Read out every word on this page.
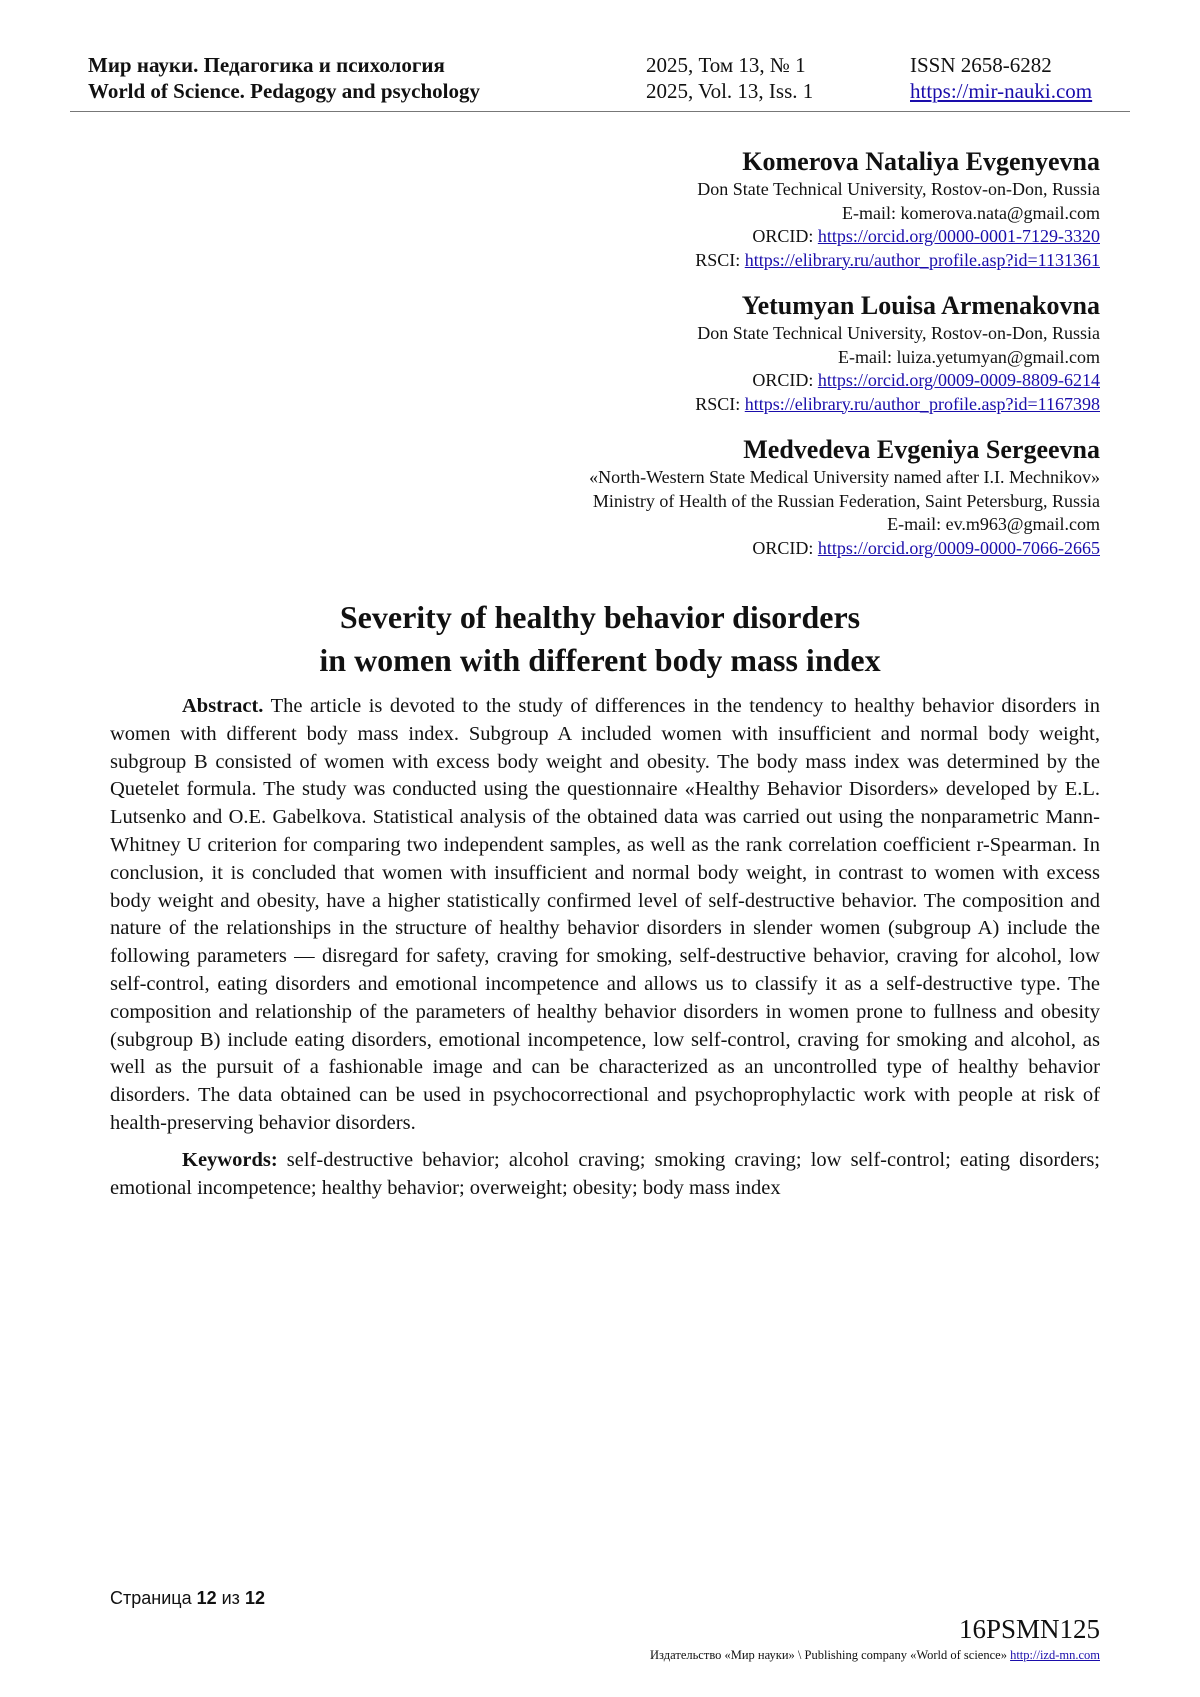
Мир науки. Педагогика и психология	2025, Том 13, № 1	ISSN 2658-6282
World of Science. Pedagogy and psychology	2025, Vol. 13, Iss. 1	https://mir-nauki.com
Komerova Nataliya Evgenyevna
Don State Technical University, Rostov-on-Don, Russia
E-mail: komerova.nata@gmail.com
ORCID: https://orcid.org/0000-0001-7129-3320
RSCI: https://elibrary.ru/author_profile.asp?id=1131361
Yetumyan Louisa Armenakovna
Don State Technical University, Rostov-on-Don, Russia
E-mail: luiza.yetumyan@gmail.com
ORCID: https://orcid.org/0009-0009-8809-6214
RSCI: https://elibrary.ru/author_profile.asp?id=1167398
Medvedeva Evgeniya Sergeevna
«North-Western State Medical University named after I.I. Mechnikov»
Ministry of Health of the Russian Federation, Saint Petersburg, Russia
E-mail: ev.m963@gmail.com
ORCID: https://orcid.org/0009-0000-7066-2665
Severity of healthy behavior disorders
in women with different body mass index

Abstract. The article is devoted to the study of differences in the tendency to healthy behavior disorders in women with different body mass index. Subgroup A included women with insufficient and normal body weight, subgroup B consisted of women with excess body weight and obesity. The body mass index was determined by the Quetelet formula. The study was conducted using the questionnaire «Healthy Behavior Disorders» developed by E.L. Lutsenko and O.E. Gabelkova. Statistical analysis of the obtained data was carried out using the nonparametric Mann-Whitney U criterion for comparing two independent samples, as well as the rank correlation coefficient r-Spearman. In conclusion, it is concluded that women with insufficient and normal body weight, in contrast to women with excess body weight and obesity, have a higher statistically confirmed level of self-destructive behavior. The composition and nature of the relationships in the structure of healthy behavior disorders in slender women (subgroup A) include the following parameters — disregard for safety, craving for smoking, self-destructive behavior, craving for alcohol, low self-control, eating disorders and emotional incompetence and allows us to classify it as a self-destructive type. The composition and relationship of the parameters of healthy behavior disorders in women prone to fullness and obesity (subgroup B) include eating disorders, emotional incompetence, low self-control, craving for smoking and alcohol, as well as the pursuit of a fashionable image and can be characterized as an uncontrolled type of healthy behavior disorders. The data obtained can be used in psychocorrectional and psychoprophylactic work with people at risk of health-preserving behavior disorders.

Keywords: self-destructive behavior; alcohol craving; smoking craving; low self-control; eating disorders; emotional incompetence; healthy behavior; overweight; obesity; body mass index

Страница 12 из 12
16PSMN125
Издательство «Мир науки» \ Publishing company «World of science» http://izd-mn.com
